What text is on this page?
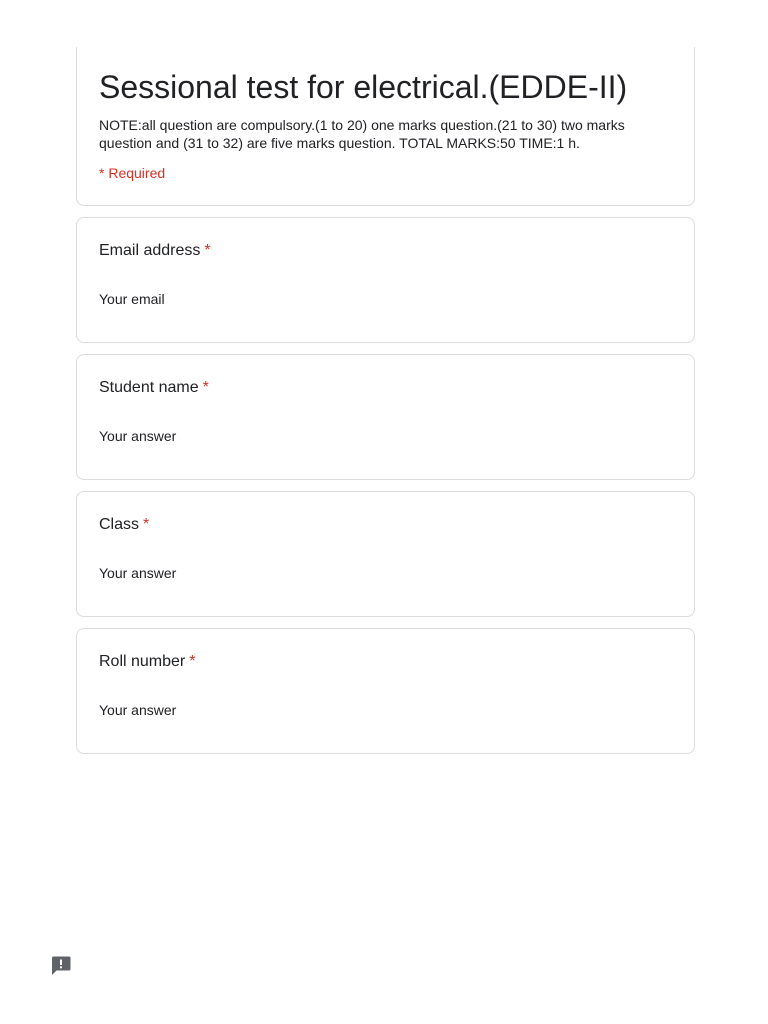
Sessional test for electrical.(EDDE-II)
NOTE:all question are compulsory.(1 to 20) one marks question.(21 to 30) two marks question and (31 to 32) are five marks question. TOTAL MARKS:50 TIME:1 h.
* Required
Email address *
Your email
Student name *
Your answer
Class *
Your answer
Roll number *
Your answer
